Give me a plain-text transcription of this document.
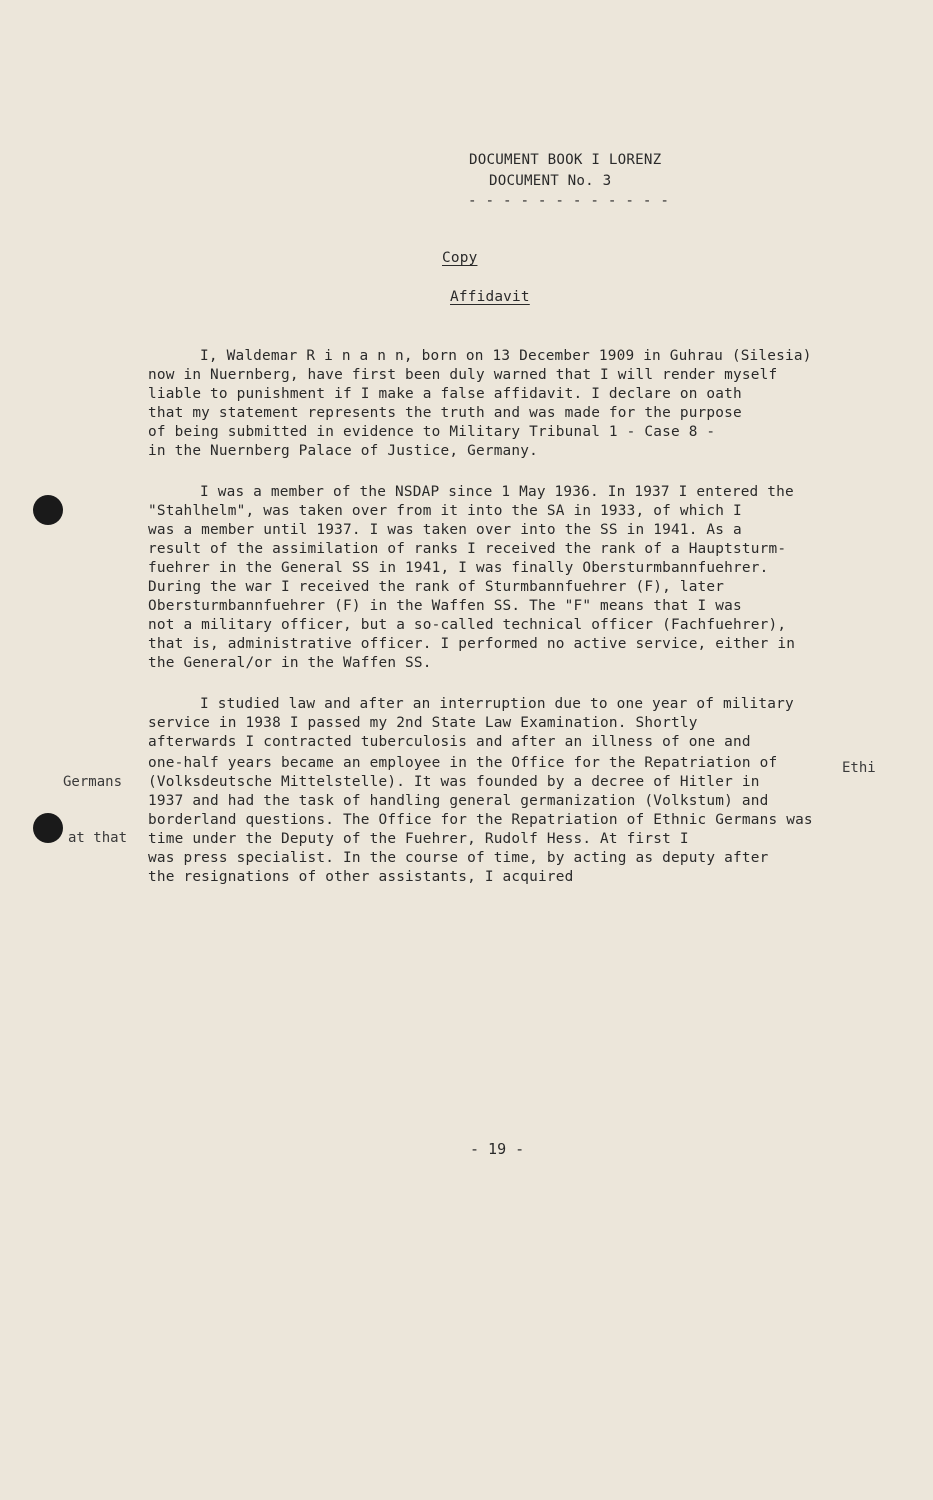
DOCUMENT BOOK I LORENZ
DOCUMENT No. 3
- - - - - - - - - - - -
Copy
Affidavit
I, Waldemar R i n a n n, born on 13 December 1909 in Guhrau (Silesia)
now in Nuernberg, have first been duly warned that I will render myself
liable to punishment if I make a false affidavit. I declare on oath
that my statement represents the truth and was made for the purpose
of being submitted in evidence to Military Tribunal 1 - Case 8 -
in the Nuernberg Palace of Justice, Germany.
I was a member of the NSDAP since 1 May 1936. In 1937 I entered the
"Stahlhelm", was taken over from it into the SA in 1933, of which I
was a member until 1937. I was taken over into the SS in 1941. As a
result of the assimilation of ranks I received the rank of a Hauptsturm-
fuehrer in the General SS in 1941, I was finally Obersturmbannfuehrer.
During the war I received the rank of Sturmbannfuehrer (F), later
Obersturmbannfuehrer (F) in the Waffen SS. The "F" means that I was
not a military officer, but a so-called technical officer (Fachfuehrer),
that is, administrative officer. I performed no active service, either in
the General/or in the Waffen SS.
I studied law and after an interruption due to one year of military
service in 1938 I passed my 2nd State Law Examination. Shortly
afterwards I contracted tuberculosis and after an illness of one and
one-half years became an employee in the Office for the Repatriation of
(Volksdeutsche Mittelstelle). It was founded by a decree of Hitler in
1937 and had the task of handling general germanization (Volkstum) and
borderland questions. The Office for the Repatriation of Ethnic Germans was
time under the Deputy of the Fuehrer, Rudolf Hess. At first I
was press specialist. In the course of time, by acting as deputy after
the resignations of other assistants, I acquired
Ethi
Germans
at that
- 19 -
